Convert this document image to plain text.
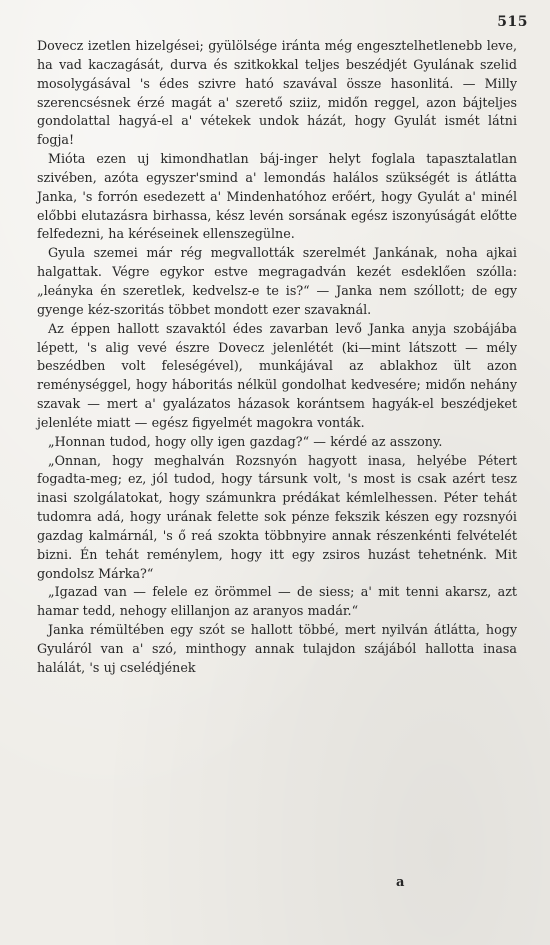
515

Dovecz izetlen hizelgései; gyülölsége iránta még engesztelhetlenebb leve, ha vad kaczagását, durva és szitkokkal teljes beszédjét Gyulának szelid mosolygásával 's édes szivre ható szavával össze hasonlitá. — Milly szerencsésnek érzé magát a' szerető sziiz, midőn reggel, azon bájteljes gondolattal hagyá-el a' vétekek undok házát, hogy Gyulát ismét látni fogja!

Mióta ezen uj kimondhatlan báj-inger helyt foglala tapasztalatlan szivében, azóta egyszer'smind a' lemondás halálos szükségét is átlátta Janka, 's forrón esedezett a' Mindenhatóhoz erőért, hogy Gyulát a' minél előbbi elutazásra birhassa, kész levén sorsának egész iszonyúságát előtte felfedezni, ha kéréseinek ellenszegülne.

Gyula szemei már rég megvallották szerelmét Jankának, noha ajkai halgattak. Végre egykor estve megragadván kezét esdeklően szólla: „leányka én szeretlek, kedvelsz-e te is?“ — Janka nem szóllott; de egy gyenge kéz-szoritás többet mondott ezer szavaknál.

Az éppen hallott szavaktól édes zavarban levő Janka anyja szobájába lépett, 's alig vevé észre Dovecz jelenlétét (ki—mint látszott — mély beszédben volt feleségével), munkájával az ablakhoz ült azon reménységgel, hogy háboritás nélkül gondolhat kedvesére; midőn nehány szavak — mert a' gyalázatos házasok korántsem hagyák-el beszédjeket jelenléte miatt — egész figyelmét magokra vonták.

„Honnan tudod, hogy olly igen gazdag?“ — kérdé az asszony.

„Onnan, hogy meghalván Rozsnyón hagyott inasa, helyébe Pétert fogadta-meg; ez, jól tudod, hogy társunk volt, 's most is csak azért tesz inasi szolgálatokat, hogy számunkra prédákat kémlelhessen. Péter tehát tudomra adá, hogy urának felette sok pénze fekszik készen egy rozsnyói gazdag kalmárnál, 's ő reá szokta többnyire annak részenkénti felvételét bizni. Én tehát reménylem, hogy itt egy zsiros huzást tehetnénk. Mit gondolsz Márka?“

„Igazad van — felele ez örömmel — de siess; a' mit tenni akarsz, azt hamar tedd, nehogy elillanjon az aranyos madár.“

Janka rémültében egy szót se hallott többé, mert nyilván átlátta, hogy Gyuláról van a' szó, minthogy annak tulajdon szájából hallotta inasa halálát, 's uj cselédjének

a
